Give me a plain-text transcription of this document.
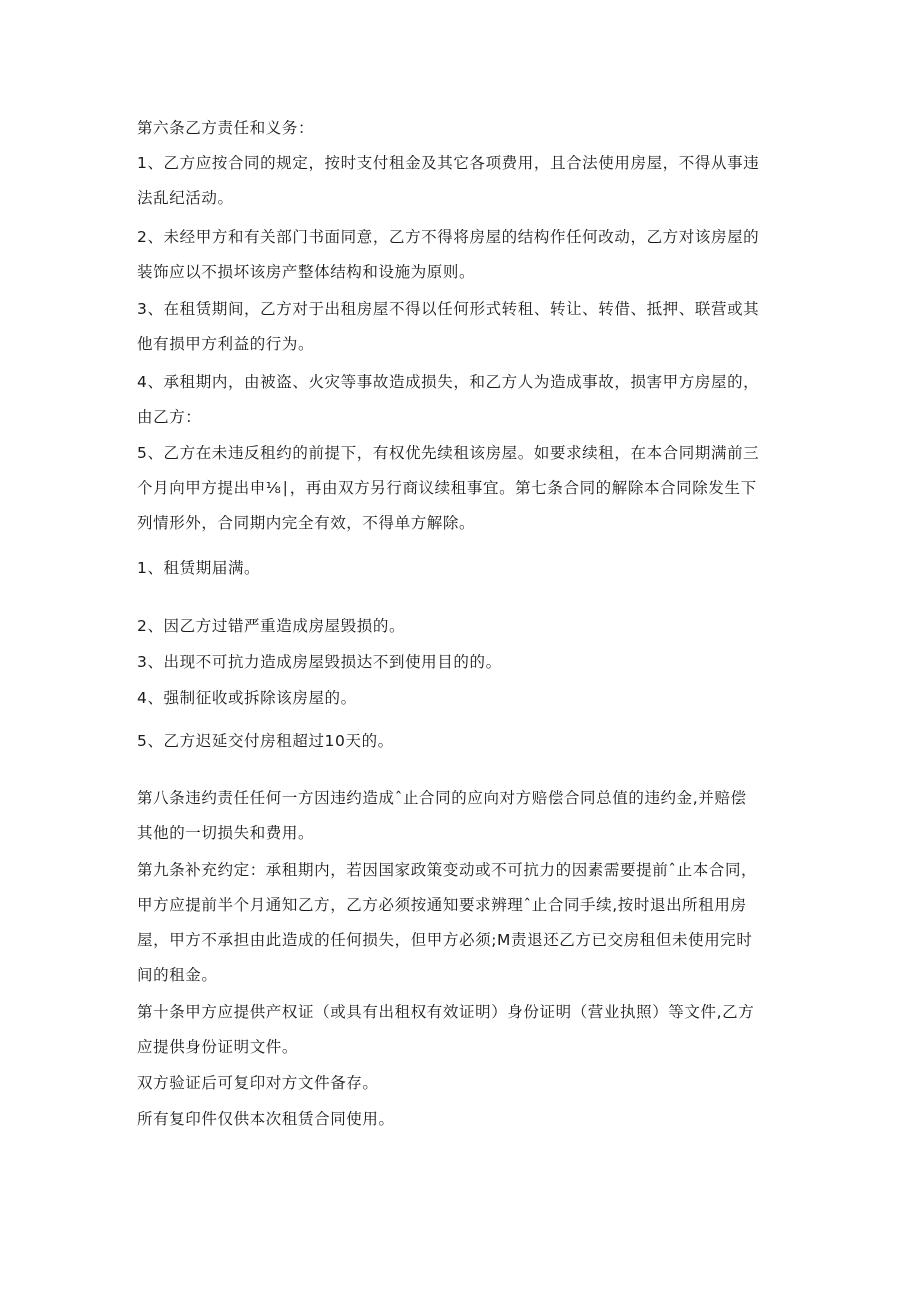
第六条乙方责任和义务：
1、乙方应按合同的规定，按时支付租金及其它各项费用，且合法使用房屋，不得从事违
法乱纪活动。
2、未经甲方和有关部门书面同意，乙方不得将房屋的结构作任何改动，乙方对该房屋的
装饰应以不损坏该房产整体结构和设施为原则。
3、在租赁期间，乙方对于出租房屋不得以任何形式转租、转让、转借、抵押、联营或其
他有损甲方利益的行为。
4、承租期内，由被盗、火灾等事故造成损失，和乙方人为造成事故，损害甲方房屋的，
由乙方：
5、乙方在未违反租约的前提下，有权优先续租该房屋。如要求续租，在本合同期满前三
个月向甲方提出申⅛∣，再由双方另行商议续租事宜。第七条合同的解除本合同除发生下
列情形外，合同期内完全有效，不得单方解除。
1、租赁期届满。
2、因乙方过错严重造成房屋毁损的。
3、出现不可抗力造成房屋毁损达不到使用目的的。
4、强制征收或拆除该房屋的。
5、乙方迟延交付房租超过10天的。
第八条违约责任任何一方因违约造成ˆ止合同的应向对方赔偿合同总值的违约金,并赔偿
其他的一切损失和费用。
第九条补充约定：承租期内，若因国家政策变动或不可抗力的因素需要提前ˆ止本合同，
甲方应提前半个月通知乙方，乙方必须按通知要求辨理ˆ止合同手续,按时退出所租用房
屋，甲方不承担由此造成的任何损失，但甲方必须;M责退还乙方已交房租但未使用完时
间的租金。
第十条甲方应提供产权证（或具有出租权有效证明）身份证明（营业执照）等文件,乙方
应提供身份证明文件。
双方验证后可复印对方文件备存。
所有复印件仅供本次租赁合同使用。
